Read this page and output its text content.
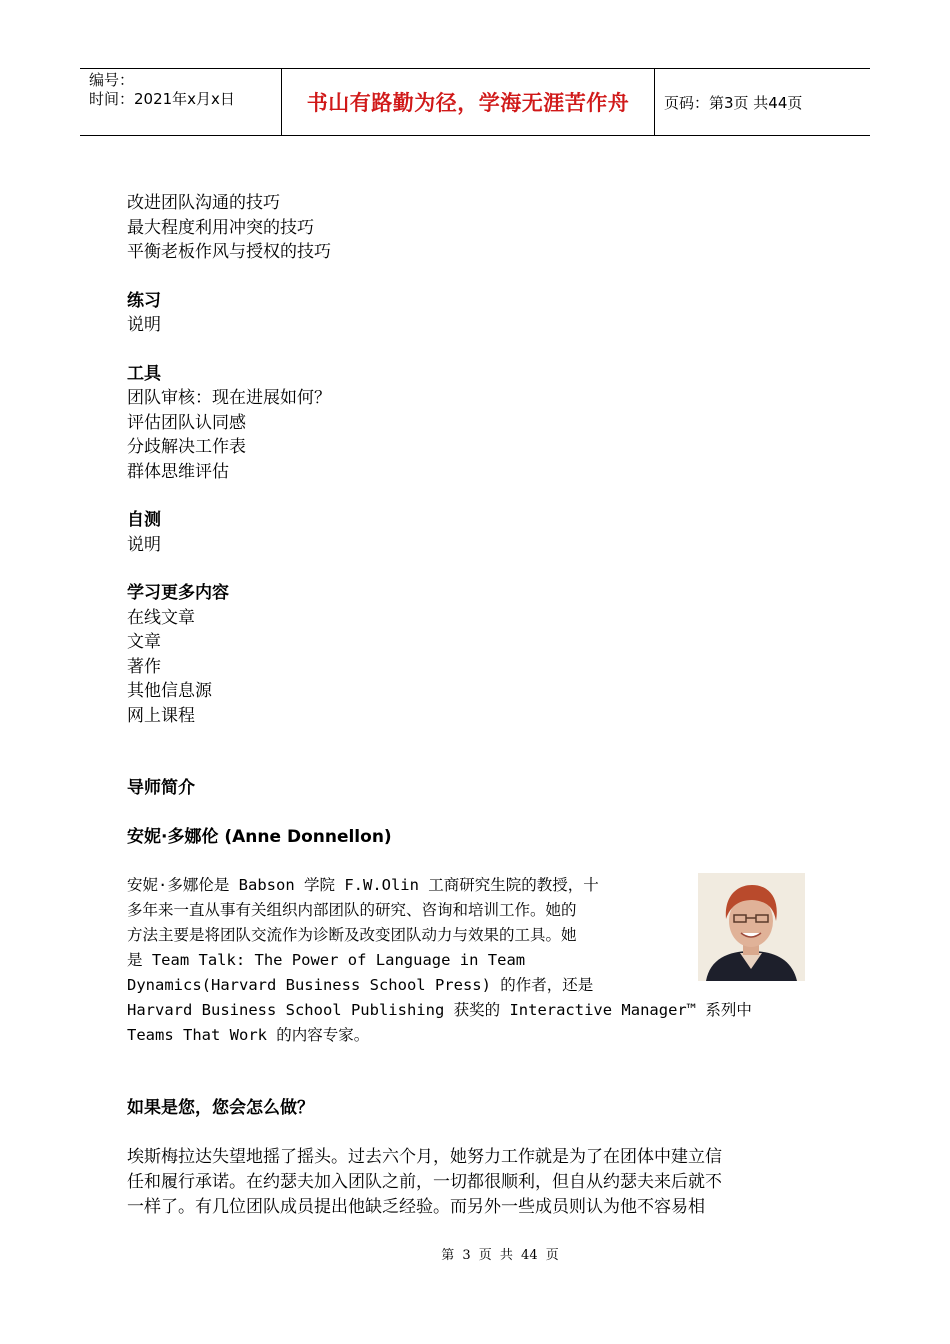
编号：
时间：2021年x月x日	书山有路勤为径，学海无涯苦作舟	页码：第3页 共44页
改进团队沟通的技巧
最大程度利用冲突的技巧
平衡老板作风与授权的技巧
练习
说明
工具
团队审核：现在进展如何？
评估团队认同感
分歧解决工作表
群体思维评估
自测
说明
学习更多内容
在线文章
文章
著作
其他信息源
网上课程
导师简介
安妮·多娜伦 (Anne Donnellon)
安妮·多娜伦是 Babson 学院 F.W.Olin 工商研究生院的教授，十
多年来一直从事有关组织内部团队的研究、咨询和培训工作。她的
方法主要是将团队交流作为诊断及改变团队动力与效果的工具。她
是 Team Talk: The Power of Language in Team
Dynamics(Harvard Business School Press) 的作者，还是
Harvard Business School Publishing 获奖的 Interactive Manager™ 系列中
Teams That Work 的内容专家。
如果是您，您会怎么做？
埃斯梅拉达失望地摇了摇头。过去六个月，她努力工作就是为了在团体中建立信
任和履行承诺。在约瑟夫加入团队之前，一切都很顺利，但自从约瑟夫来后就不
一样了。有几位团队成员提出他缺乏经验。而另外一些成员则认为他不容易相
第 3 页 共 44 页
